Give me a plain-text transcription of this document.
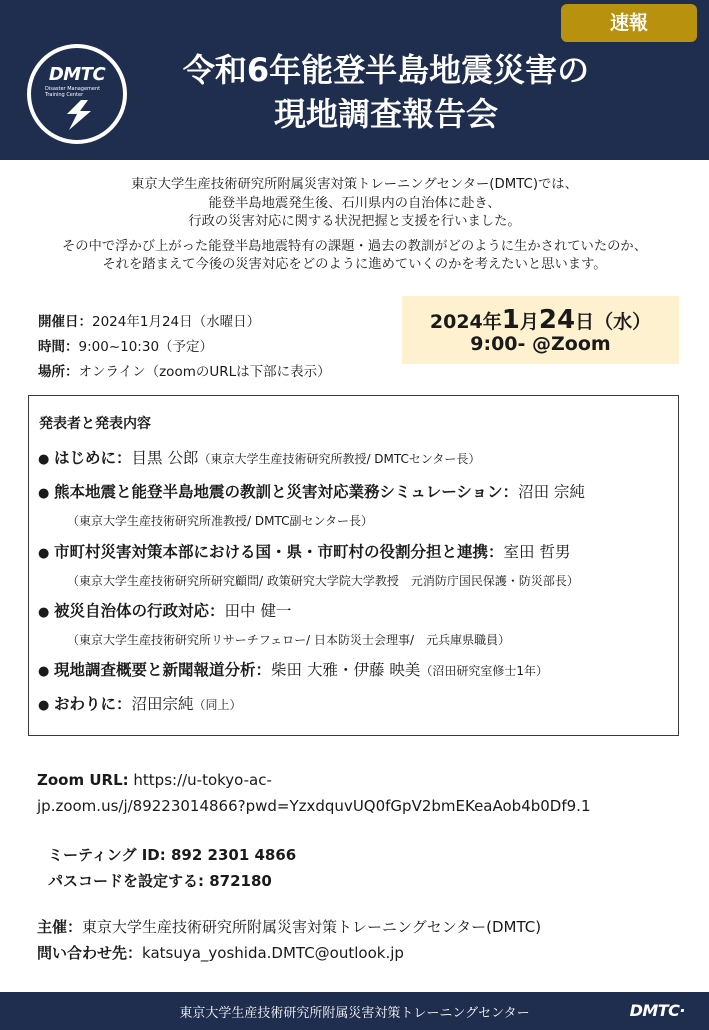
速報
DMTC
Disaster Management Training Center
令和6年能登半島地震災害の
現地調査報告会

東京大学生産技術研究所附属災害対策トレーニングセンター(DMTC)では、
能登半島地震発生後、石川県内の自治体に赴き、
行政の災害対応に関する状況把握と支援を行いました。

その中で浮かび上がった能登半島地震特有の課題・過去の教訓がどのように生かされていたのか、
それを踏まえて今後の災害対応をどのように進めていくのかを考えたいと思います。

開催日：2024年1月24日（水曜日）
時間：9:00~10:30（予定）
場所：オンライン（zoomのURLは下部に表示）
2024年1月24日（水）
9:00- @Zoom
発表者と発表内容
● はじめに：目黒 公郎（東京大学生産技術研究所教授/ DMTCセンター長）
● 熊本地震と能登半島地震の教訓と災害対応業務シミュレーション：沼田 宗純
（東京大学生産技術研究所准教授/ DMTC副センター長）
● 市町村災害対策本部における国・県・市町村の役割分担と連携：室田 哲男
（東京大学生産技術研究所研究顧問/ 政策研究大学院大学教授　元消防庁国民保護・防災部長）
● 被災自治体の行政対応：田中 健一
（東京大学生産技術研究所リサーチフェロー/ 日本防災士会理事/　元兵庫県職員）
● 現地調査概要と新聞報道分析：柴田 大雅・伊藤 映美（沼田研究室修士1年）
● おわりに：沼田宗純（同上）
Zoom URL: https://u-tokyo-ac-
jp.zoom.us/j/89223014866?pwd=YzxdquvUQ0fGpV2bmEKeaAob4b0Df9.1
ミーティング ID: 892 2301 4866
パスコードを設定する: 872180
主催：東京大学生産技術研究所附属災害対策トレーニングセンター(DMTC)
問い合わせ先：katsuya_yoshida.DMTC@outlook.jp
東京大学生産技術研究所附属災害対策トレーニングセンター	DMTC·
